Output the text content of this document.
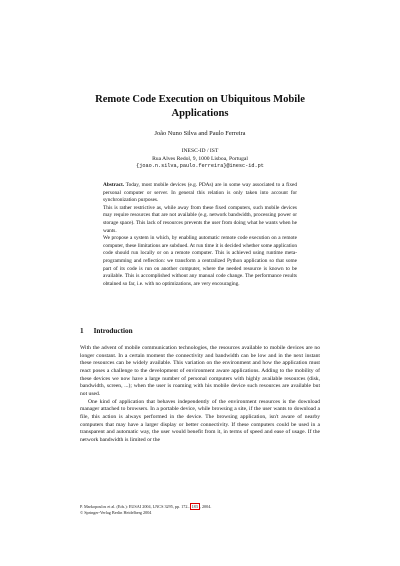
Remote Code Execution on Ubiquitous Mobile
Applications
João Nuno Silva and Paulo Ferreira
INESC-ID / IST
Rua Alves Redol, 9, 1000 Lisboa, Portugal
{joao.n.silva,paulo.ferreira}@inesc-id.pt

Abstract. Today, most mobile devices (e.g. PDAs) are in some way associated to a fixed personal computer or server. In general this relation is only taken into account for synchronization purposes.

This is rather restrictive as, while away from these fixed computers, such mobile devices may require resources that are not available (e.g. network bandwidth, processing power or storage space). This lack of resources prevents the user from doing what he wants when he wants.

We propose a system in which, by enabling automatic remote code execution on a remote computer, these limitations are subdued. At run time it is decided whether some application code should run locally or on a remote computer. This is achieved using runtime meta-programming and reflection: we transform a centralized Python application so that some part of its code is run on another computer, where the needed resource is known to be available. This is accomplished without any manual code change. The performance results obtained so far, i.e. with no optimizations, are very encouraging.

1 Introduction

With the advent of mobile communication technologies, the resources available to mobile devices are no longer constant. In a certain moment the connectivity and bandwidth can be low and in the next instant these resources can be widely available. This variation on the environment and how the application must react poses a challenge to the development of environment aware applications. Adding to the mobility of these devices we now have a large number of personal computers with highly available resources (disk, bandwidth, screen, ...); when the user is roaming with his mobile device such resources are available but not used.

One kind of application that behaves independently of the environment resources is the download manager attached to browsers. In a portable device, while browsing a site, if the user wants to download a file, this action is always performed in the device. The browsing application, isn't aware of nearby computers that may have a larger display or better connectivity. If these computers could be used in a transparent and automatic way, the user would benefit from it, in terms of speed and ease of usage. If the network bandwidth is limited or the

P. Markopoulos et al. (Eds.): EUSAI 2004, LNCS 3295, pp. 172– 183 , 2004.
© Springer-Verlag Berlin Heidelberg 2004
